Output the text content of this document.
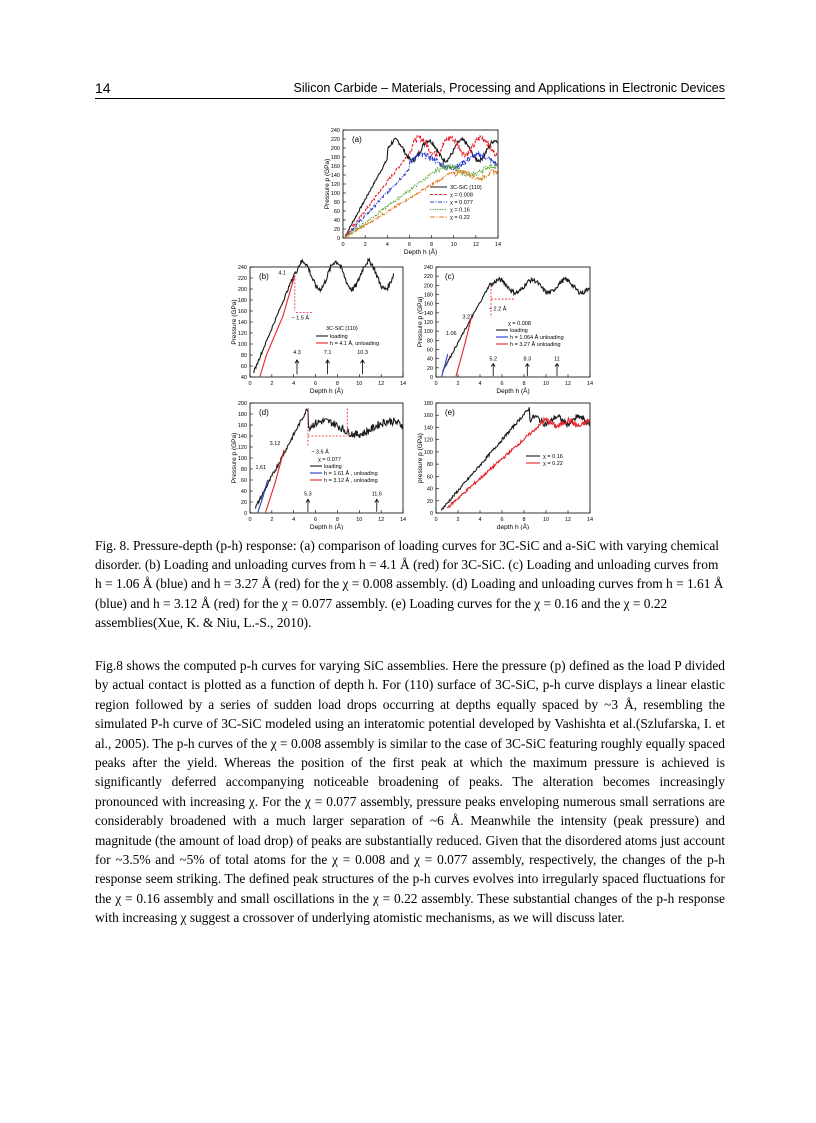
14	Silicon Carbide – Materials, Processing and Applications in Electronic Devices
0
20
40
60
80
100
120
140
160
180
200
220
240
0	2	4	6	8	10	12	14
Depth h (Å)
Pressure p (GPa)
(a)
3C-SiC (110)
χ = 0.008
χ = 0.077
χ = 0.16
χ = 0.22
40
60
80
100
120
140
160
180
200
220
240
0	2	4	6	8	10	12	14
Depth h (Å)
Pressure (GPa)
(b) 4.1
~ 1.5 Å
4.3	7.1	10.3
3C-SiC (110)
loading
h = 4.1 Å, unloading
0
20
40
60
80
100
120
140
160
180
200
220
240
0	2	4	6	8	10	12	14
Depth h (Å)
Pressure p (GPa)
(c)
3.27
1.06
~ 2.2 Å
5.2	8.3	11
χ = 0.008
loading
h = 1.064 Å unloading
h = 3.27 Å unloading
0
20
40
60
80
100
120
140
160
180
200
0	2	4	6	8	10	12	14
Depth h (Å)
Pressure p (GPa)
(d)
3.12
1.61
~ 3.6 Å
5.3	11.6
χ = 0.077
loading
h = 1.61 Å , unloading
h = 3.12 Å , unloading
0
20
40
60
80
100
120
140
160
180
0	2	4	6	8	10	12	14
depth h (Å)
pressure p (GPa)
(e)
χ = 0.16
χ = 0.22
Fig. 8. Pressure-depth (p-h) response: (a) comparison of loading curves for 3C-SiC and a-SiC with varying chemical disorder. (b) Loading and unloading curves from h = 4.1 Å (red) for 3C-SiC. (c) Loading and unloading curves from h = 1.06 Å (blue) and h = 3.27 Å (red) for the χ = 0.008 assembly. (d) Loading and unloading curves from h = 1.61 Å (blue) and h = 3.12 Å (red) for the χ = 0.077 assembly. (e) Loading curves for the χ = 0.16 and the χ = 0.22 assemblies(Xue, K. & Niu, L.-S., 2010).
Fig.8 shows the computed p-h curves for varying SiC assemblies. Here the pressure (p) defined as the load P divided by actual contact is plotted as a function of depth h. For (110) surface of 3C-SiC, p-h curve displays a linear elastic region followed by a series of sudden load drops occurring at depths equally spaced by ~3 Å, resembling the simulated P-h curve of 3C-SiC modeled using an interatomic potential developed by Vashishta et al.(Szlufarska, I. et al., 2005). The p-h curves of the χ = 0.008 assembly is similar to the case of 3C-SiC featuring roughly equally spaced peaks after the yield. Whereas the position of the first peak at which the maximum pressure is achieved is significantly deferred accompanying noticeable broadening of peaks. The alteration becomes increasingly pronounced with increasing χ. For the χ = 0.077 assembly, pressure peaks enveloping numerous small serrations are considerably broadened with a much larger separation of ~6 Å. Meanwhile the intensity (peak pressure) and magnitude (the amount of load drop) of peaks are substantially reduced. Given that the disordered atoms just account for ~3.5% and ~5% of total atoms for the χ = 0.008 and χ = 0.077 assembly, respectively, the changes of the p-h response seem striking. The defined peak structures of the p-h curves evolves into irregularly spaced fluctuations for the χ = 0.16 assembly and small oscillations in the χ = 0.22 assembly. These substantial changes of the p-h response with increasing χ suggest a crossover of underlying atomistic mechanisms, as we will discuss later.
